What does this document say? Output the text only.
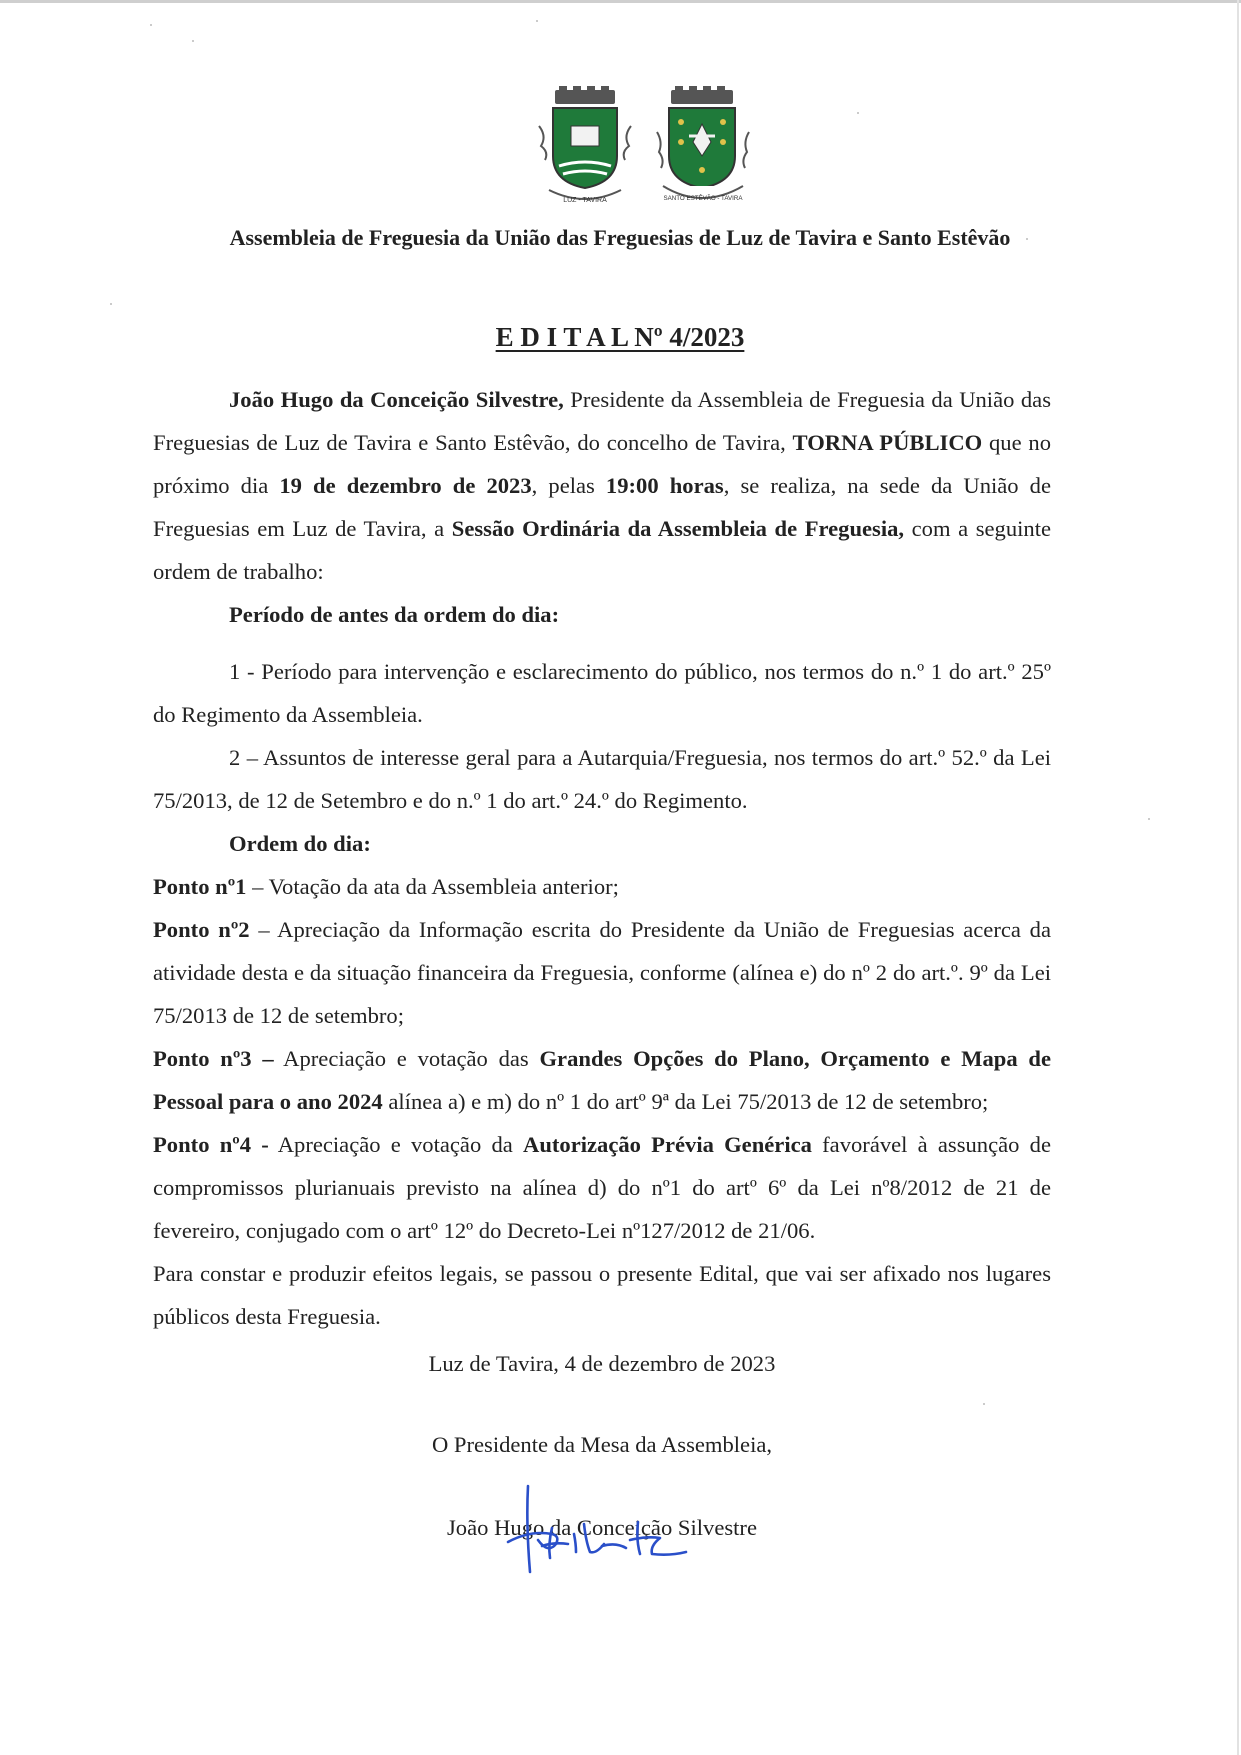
LUZ - TAVIRA	SANTO ESTÊVÃO - TAVIRA
Assembleia de Freguesia da União das Freguesias de Luz de Tavira e Santo Estêvão
E D I T A L Nº 4/2023

João Hugo da Conceição Silvestre, Presidente da Assembleia de Freguesia da União das Freguesias de Luz de Tavira e Santo Estêvão, do concelho de Tavira, TORNA PÚBLICO que no próximo dia 19 de dezembro de 2023, pelas 19:00 horas, se realiza, na sede da União de Freguesias em Luz de Tavira, a Sessão Ordinária da Assembleia de Freguesia, com a seguinte ordem de trabalho:

Período de antes da ordem do dia:

1 - Período para intervenção e esclarecimento do público, nos termos do n.º 1 do art.º 25º do Regimento da Assembleia.

2 – Assuntos de interesse geral para a Autarquia/Freguesia, nos termos do art.º 52.º da Lei 75/2013, de 12 de Setembro e do n.º 1 do art.º 24.º do Regimento.

Ordem do dia:

Ponto nº1 – Votação da ata da Assembleia anterior;

Ponto nº2 – Apreciação da Informação escrita do Presidente da União de Freguesias acerca da atividade desta e da situação financeira da Freguesia, conforme (alínea e) do nº 2 do art.º. 9º da Lei 75/2013 de 12 de setembro;

Ponto nº3 – Apreciação e votação das Grandes Opções do Plano, Orçamento e Mapa de Pessoal para o ano 2024 alínea a) e m) do nº 1 do artº 9ª da Lei 75/2013 de 12 de setembro;

Ponto nº4 - Apreciação e votação da Autorização Prévia Genérica favorável à assunção de compromissos plurianuais previsto na alínea d) do nº1 do artº 6º da Lei nº8/2012 de 21 de fevereiro, conjugado com o artº 12º do Decreto-Lei nº127/2012 de 21/06.

Para constar e produzir efeitos legais, se passou o presente Edital, que vai ser afixado nos lugares públicos desta Freguesia.

Luz de Tavira, 4 de dezembro de 2023

O Presidente da Mesa da Assembleia,

João Hugo da Conceição Silvestre
